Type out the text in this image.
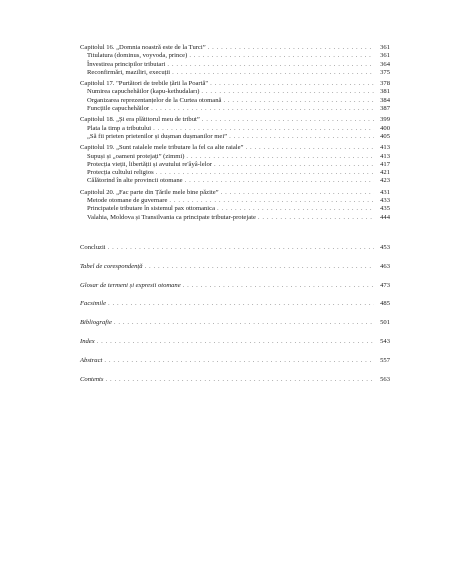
Capitolul 16. „Domnia noastră este de la Turci” . . .	361
Titulatura (dominus, voyvoda, prince) . . .	361
Învestirea principilor tributari . . .	364
Reconfirmări, maziliri, execuții . . .	375
Capitolul 17. "Purtători de trebile țării la Poartă" . . .	378
Numirea capuchehăilor (kapu-kethudaları) . . .	381
Organizarea reprezentanțelor de la Curtea otomană . . .	384
Funcțiile capuchehăilor . . .	387
Capitolul 18. „Și era plătitorul meu de tribut” . . .	399
Plata la timp a tributului . . .	400
„Să fii prieten prietenilor și dușman dușmanilor mei” . . .	405
Capitolul 19. „Sunt raialele mele tributare la fel ca alte raiale” . . .	413
Supuși și „oameni protejați” (zimmi) . . .	413
Protecția vieții, libertății și avutului re'âyâ-lelor . . .	417
Protecția cultului religios . . .	421
Călătorind în alte provincii otomane . . .	423
Capitolul 20. „Fac parte din Țările mele bine păzite” . . .	431
Metode otomane de guvernare . . .	433
Principatele tributare în sistemul pax ottomanica . . .	435
Valahia, Moldova și Transilvania ca principate tributar-protejate . . .	444
Concluzii . . .	453
Tabel de corespondență . . .	463
Glosar de termeni și expresii otomane . . .	473
Facsimile . . .	485
Bibliografie . . .	501
Index . . .	543
Abstract . . .	557
Contents . . .	563
